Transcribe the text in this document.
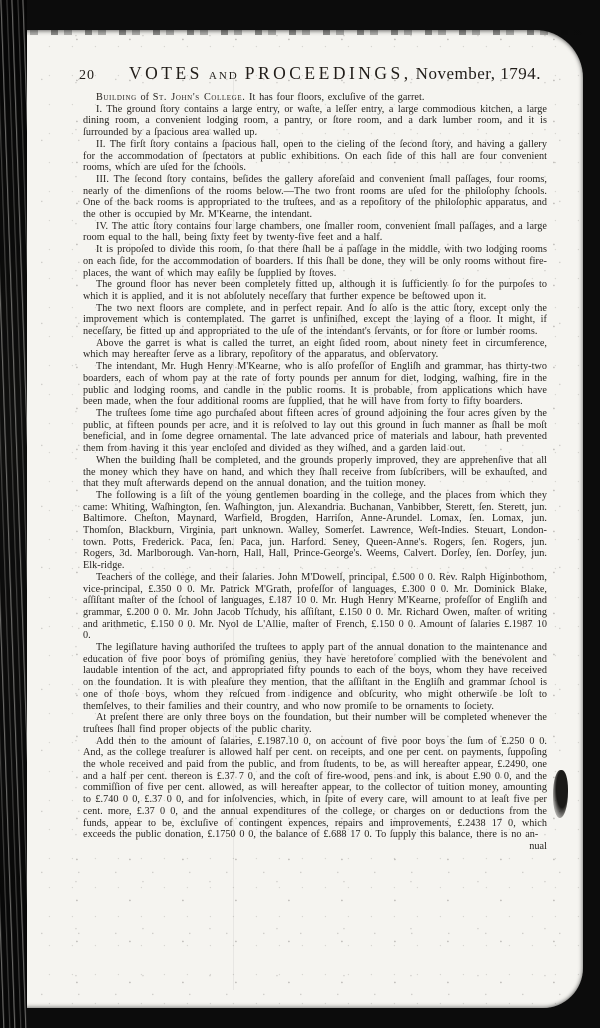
20	VOTES AND PROCEEDINGS, November, 1794.

Building of St. John's College. It has four floors, excluſive of the garret.

I. The ground ſtory contains a large entry, or waſte, a leſſer entry, a large commodious kitchen, a large dining room, a convenient lodging room, a pantry, or ſtore room, and a dark lumber room, and it is ſurrounded by a ſpacious area walled up.

II. The firſt ſtory contains a ſpacious hall, open to the cieling of the ſecond ſtory, and having a gallery for the accommodation of ſpectators at public exhibitions. On each ſide of this hall are four convenient rooms, which are uſed for the ſchools.

III. The ſecond ſtory contains, beſides the gallery aforeſaid and convenient ſmall paſſages, four rooms, nearly of the dimenſions of the rooms below.—The two front rooms are uſed for the philoſophy ſchools. One of the back rooms is appropriated to the truſtees, and as a repoſitory of the philoſophic apparatus, and the other is occupied by Mr. M'Kearne, the intendant.

IV. The attic ſtory contains four large chambers, one ſmaller room, convenient ſmall paſſages, and a large room equal to the hall, being ſixty feet by twenty-five feet and a half.

It is propoſed to divide this room, ſo that there ſhall be a paſſage in the middle, with two lodging rooms on each ſide, for the accommodation of boarders. If this ſhall be done, they will be only rooms without fire-places, the want of which may eaſily be ſupplied by ſtoves.

The ground floor has never been completely fitted up, although it is ſufficiently ſo for the purpoſes to which it is applied, and it is not abſolutely neceſſary that further expence be beſtowed upon it.

The two next floors are complete, and in perfect repair. And ſo alſo is the attic ſtory, except only the improvement which is contemplated. The garret is unfiniſhed, except the laying of a floor. It might, if neceſſary, be fitted up and appropriated to the uſe of the intendant's ſervants, or for ſtore or lumber rooms.

Above the garret is what is called the turret, an eight ſided room, about ninety feet in circumference, which may hereafter ſerve as a library, repoſitory of the apparatus, and obſervatory.

The intendant, Mr. Hugh Henry M'Kearne, who is alſo profeſſor of Engliſh and grammar, has thirty-two boarders, each of whom pay at the rate of forty pounds per annum for diet, lodging, waſhing, fire in the public and lodging rooms, and candle in the public rooms. It is probable, from applications which have been made, when the four additional rooms are ſupplied, that he will have from forty to fifty boarders.

The truſtees ſome time ago purchaſed about fifteen acres of ground adjoining the four acres given by the public, at fifteen pounds per acre, and it is reſolved to lay out this ground in ſuch manner as ſhall be moſt beneficial, and in ſome degree ornamental. The late advanced price of materials and labour, hath prevented them from having it this year encloſed and divided as they wiſhed, and a garden laid out.

When the building ſhall be completed, and the grounds properly improved, they are apprehenſive that all the money which they have on hand, and which they ſhall receive from ſubſcribers, will be exhauſted, and that they muſt afterwards depend on the annual donation, and the tuition money.

The following is a liſt of the young gentlemen boarding in the college, and the places from which they came: Whiting, Waſhington, ſen. Waſhington, jun. Alexandria. Buchanan, Vanbibber, Sterett, ſen. Sterett, jun. Baltimore. Cheſton, Maynard, Warfield, Brogden, Harriſon, Anne-Arundel. Lomax, ſen. Lomax, jun. Thomſon, Blackburn, Virginia, part unknown. Walley, Somerſet. Lawrence, Weſt-Indies. Steuart, London-town. Potts, Frederick. Paca, ſen. Paca, jun. Harford. Seney, Queen-Anne's. Rogers, ſen. Rogers, jun. Rogers, 3d. Marlborough. Van-horn, Hall, Hall, Prince-George's. Weems, Calvert. Dorſey, ſen. Dorſey, jun. Elk-ridge.

Teachers of the college, and their ſalaries. John M'Dowell, principal, £.500 0 0. Rev. Ralph Higinbothom, vice-principal, £.350 0 0. Mr. Patrick M'Grath, profeſſor of languages, £.300 0 0. Mr. Dominick Blake, aſſiſtant maſter of the ſchool of languages, £.187 10 0. Mr. Hugh Henry M'Kearne, profeſſor of Engliſh and grammar, £.200 0 0. Mr. John Jacob Tſchudy, his aſſiſtant, £.150 0 0. Mr. Richard Owen, maſter of writing and arithmetic, £.150 0 0. Mr. Nyol de L'Allie, maſter of French, £.150 0 0. Amount of ſalaries £.1987 10 0.

The legiſlature having authoriſed the truſtees to apply part of the annual donation to the maintenance and education of five poor boys of promiſing genius, they have heretofore complied with the benevolent and laudable intention of the act, and appropriated fifty pounds to each of the boys, whom they have received on the foundation. It is with pleaſure they mention, that the aſſiſtant in the Engliſh and grammar ſchool is one of thoſe boys, whom they reſcued from indigence and obſcurity, who might otherwiſe be loſt to themſelves, to their families and their country, and who now promiſe to be ornaments to ſociety.

At preſent there are only three boys on the foundation, but their number will be completed whenever the truſtees ſhall find proper objects of the public charity.

Add then to the amount of ſalaries, £.1987.10 0, on account of five poor boys the ſum of £.250 0 0. And, as the college treaſurer is allowed half per cent. on receipts, and one per cent. on payments, ſuppoſing the whole received and paid from the public, and from ſtudents, to be, as will hereafter appear, £.2490, one and a half per cent. thereon is £.37 7 0, and the coſt of fire-wood, pens and ink, is about £.90 0 0, and the commiſſion of five per cent. allowed, as will hereafter appear, to the collector of tuition money, amounting to £.740 0 0, £.37 0 0, and for inſolvencies, which, in ſpite of every care, will amount to at leaſt five per cent. more, £.37 0 0, and the annual expenditures of the college, or charges on or deductions from the funds, appear to be, excluſive of contingent expences, repairs and improvements, £.2438 17 0, which exceeds the public donation, £.1750 0 0, the balance of £.688 17 0. To ſupply this balance, there is no an-

nual
